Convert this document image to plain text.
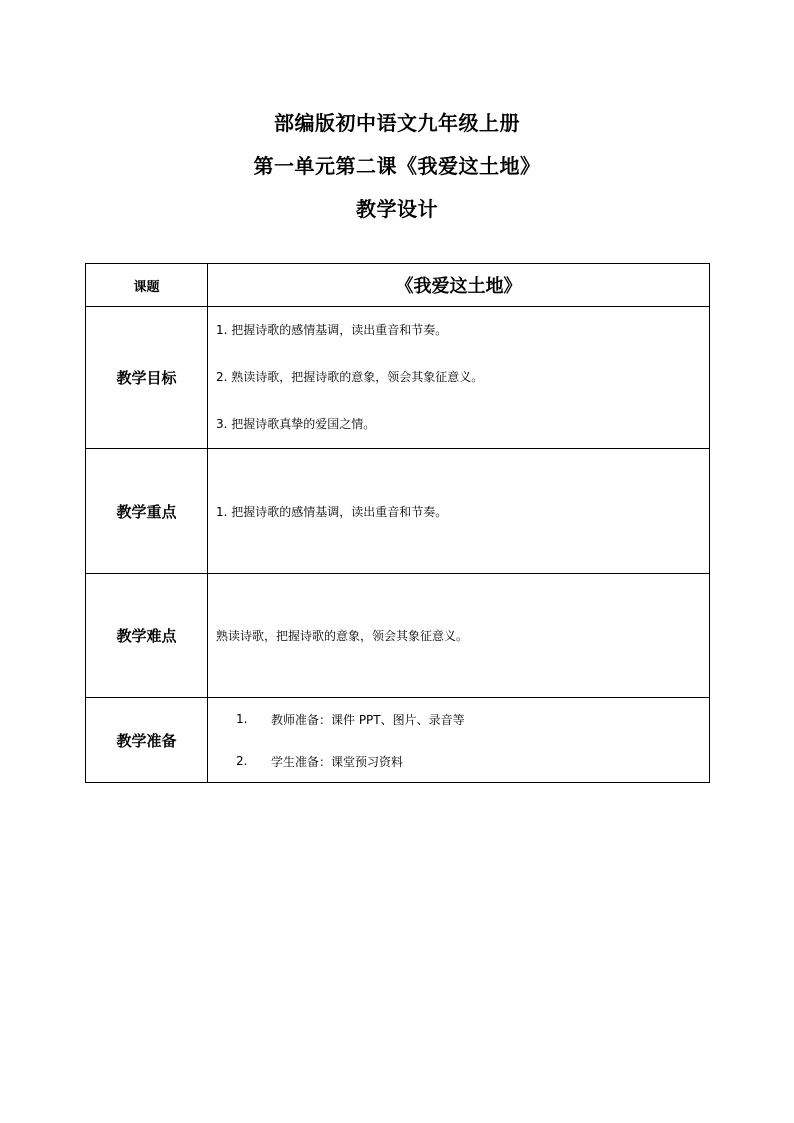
部编版初中语文九年级上册
第一单元第二课《我爱这土地》
教学设计
课题	《我爱这土地》
教学目标	1. 把握诗歌的感情基调，读出重音和节奏。
2. 熟读诗歌，把握诗歌的意象，领会其象征意义。
3. 把握诗歌真挚的爱国之情。

教学重点	1. 把握诗歌的感情基调，读出重音和节奏。
教学难点	熟读诗歌，把握诗歌的意象，领会其象征意义。
教学准备	1. 教师准备：课件 PPT、图片、录音等
2. 学生准备：课堂预习资料
